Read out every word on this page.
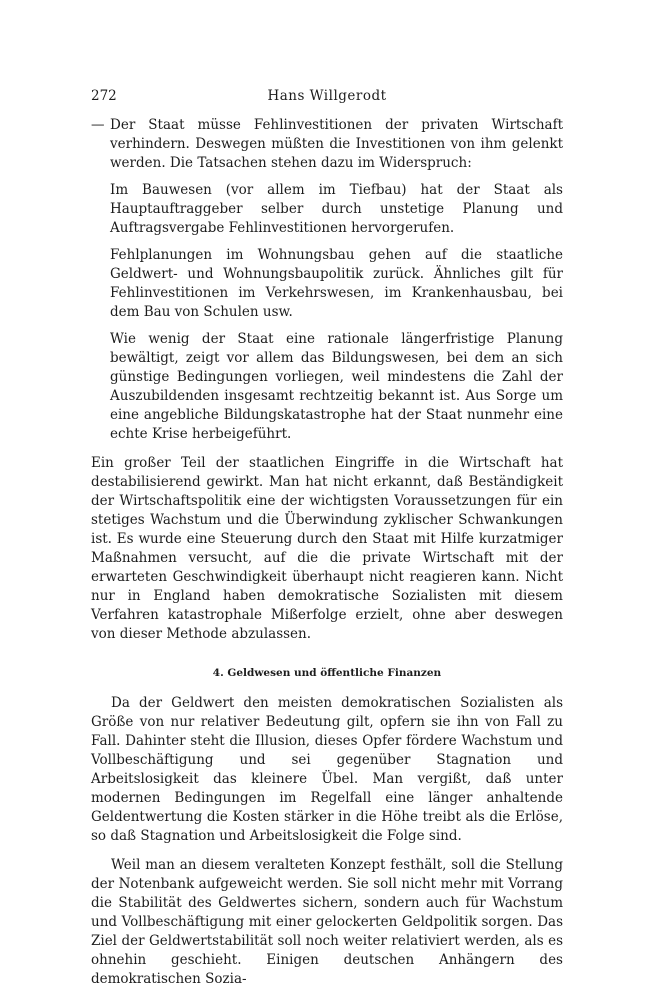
272	Hans Willgerodt

— Der Staat müsse Fehlinvestitionen der privaten Wirtschaft verhindern. Deswegen müßten die Investitionen von ihm gelenkt werden. Die Tatsachen stehen dazu im Widerspruch:

Im Bauwesen (vor allem im Tiefbau) hat der Staat als Hauptauftraggeber selber durch unstetige Planung und Auftragsvergabe Fehlinvestitionen hervorgerufen.

Fehlplanungen im Wohnungsbau gehen auf die staatliche Geldwert- und Wohnungsbaupolitik zurück. Ähnliches gilt für Fehlinvestitionen im Verkehrswesen, im Krankenhausbau, bei dem Bau von Schulen usw.

Wie wenig der Staat eine rationale längerfristige Planung bewältigt, zeigt vor allem das Bildungswesen, bei dem an sich günstige Bedingungen vorliegen, weil mindestens die Zahl der Auszubildenden insgesamt rechtzeitig bekannt ist. Aus Sorge um eine angebliche Bildungskatastrophe hat der Staat nunmehr eine echte Krise herbeigeführt.

Ein großer Teil der staatlichen Eingriffe in die Wirtschaft hat destabilisierend gewirkt. Man hat nicht erkannt, daß Beständigkeit der Wirtschaftspolitik eine der wichtigsten Voraussetzungen für ein stetiges Wachstum und die Überwindung zyklischer Schwankungen ist. Es wurde eine Steuerung durch den Staat mit Hilfe kurzatmiger Maßnahmen versucht, auf die die private Wirtschaft mit der erwarteten Geschwindigkeit überhaupt nicht reagieren kann. Nicht nur in England haben demokratische Sozialisten mit diesem Verfahren katastrophale Mißerfolge erzielt, ohne aber deswegen von dieser Methode abzulassen.

4. Geldwesen und öffentliche Finanzen

Da der Geldwert den meisten demokratischen Sozialisten als Größe von nur relativer Bedeutung gilt, opfern sie ihn von Fall zu Fall. Dahinter steht die Illusion, dieses Opfer fördere Wachstum und Vollbeschäftigung und sei gegenüber Stagnation und Arbeitslosigkeit das kleinere Übel. Man vergißt, daß unter modernen Bedingungen im Regelfall eine länger anhaltende Geldentwertung die Kosten stärker in die Höhe treibt als die Erlöse, so daß Stagnation und Arbeitslosigkeit die Folge sind.

Weil man an diesem veralteten Konzept festhält, soll die Stellung der Notenbank aufgeweicht werden. Sie soll nicht mehr mit Vorrang die Stabilität des Geldwertes sichern, sondern auch für Wachstum und Vollbeschäftigung mit einer gelockerten Geldpolitik sorgen. Das Ziel der Geldwertstabilität soll noch weiter relativiert werden, als es ohnehin geschieht. Einigen deutschen Anhängern des demokratischen Sozia-
